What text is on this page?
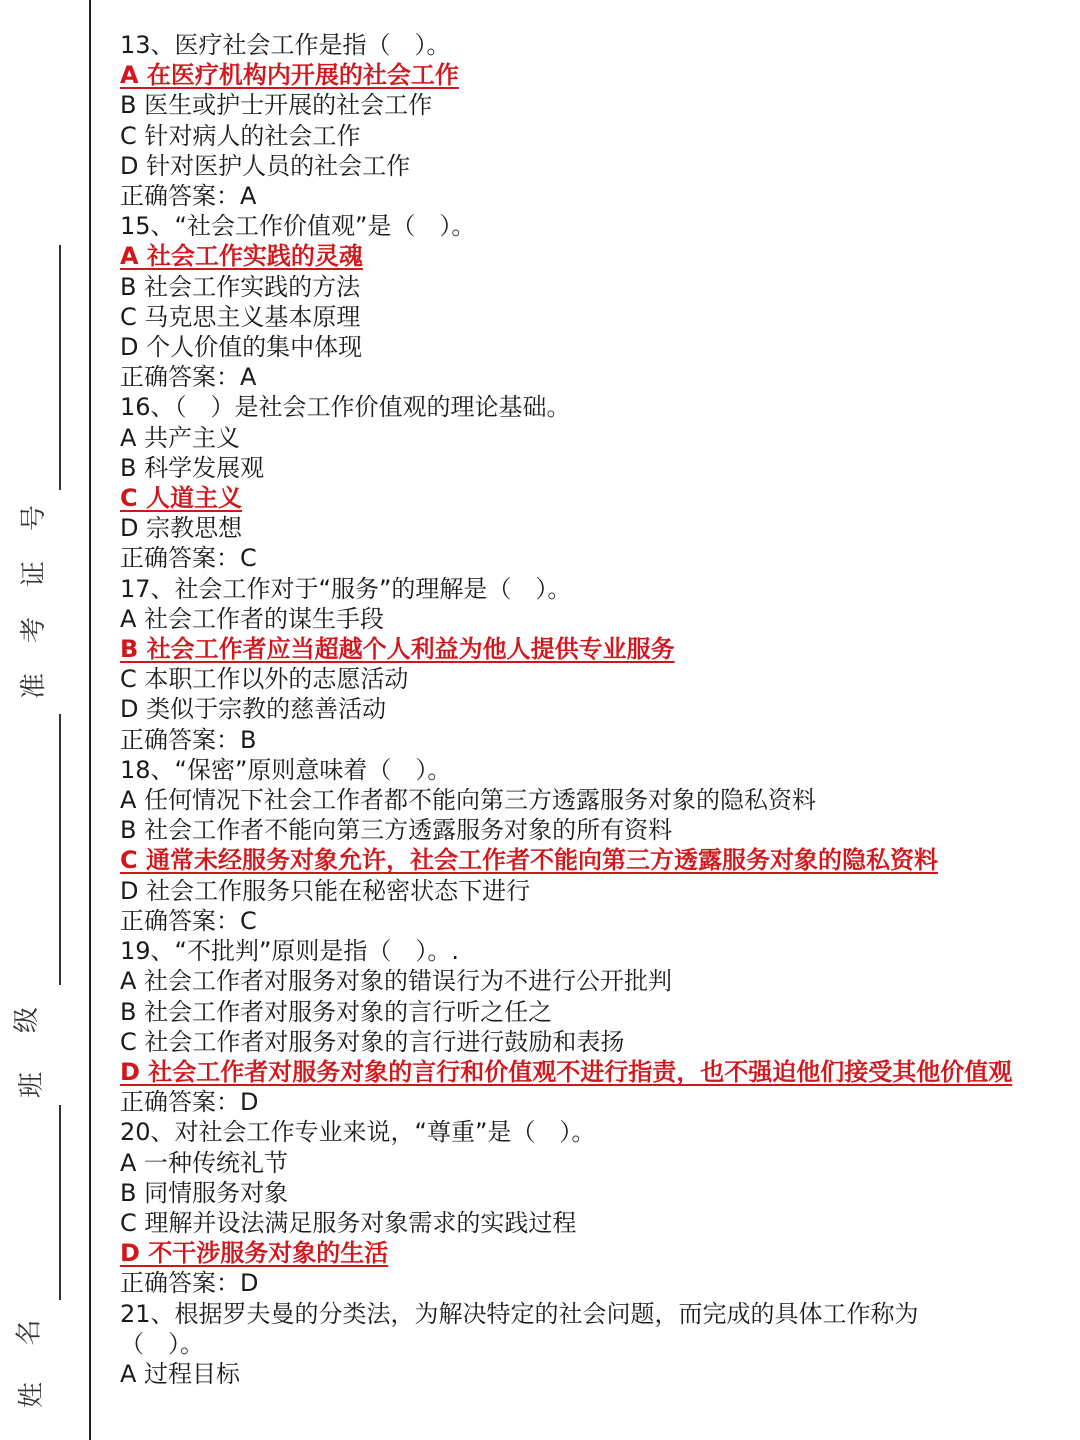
号
证
考
准
级
班
名
姓
13、医疗社会工作是指（　）。
A 在医疗机构内开展的社会工作
B 医生或护士开展的社会工作
C 针对病人的社会工作
D 针对医护人员的社会工作
正确答案：A
15、“社会工作价值观”是（　）。
A 社会工作实践的灵魂
B 社会工作实践的方法
C 马克思主义基本原理
D 个人价值的集中体现
正确答案：A
16、（　）是社会工作价值观的理论基础。
A 共产主义
B 科学发展观
C 人道主义
D 宗教思想
正确答案：C
17、社会工作对于“服务”的理解是（　）。
A 社会工作者的谋生手段
B 社会工作者应当超越个人利益为他人提供专业服务
C 本职工作以外的志愿活动
D 类似于宗教的慈善活动
正确答案：B
18、“保密”原则意味着（　）。
A 任何情况下社会工作者都不能向第三方透露服务对象的隐私资料
B 社会工作者不能向第三方透露服务对象的所有资料
C 通常未经服务对象允许，社会工作者不能向第三方透露服务对象的隐私资料
D 社会工作服务只能在秘密状态下进行
正确答案：C
19、“不批判”原则是指（　）。.
A 社会工作者对服务对象的错误行为不进行公开批判
B 社会工作者对服务对象的言行听之任之
C 社会工作者对服务对象的言行进行鼓励和表扬
D 社会工作者对服务对象的言行和价值观不进行指责，也不强迫他们接受其他价值观
正确答案：D
20、对社会工作专业来说，“尊重”是（　）。
A 一种传统礼节
B 同情服务对象
C 理解并设法满足服务对象需求的实践过程
D 不干涉服务对象的生活
正确答案：D
21、根据罗夫曼的分类法，为解决特定的社会问题，而完成的具体工作称为（　）。
A 过程目标
